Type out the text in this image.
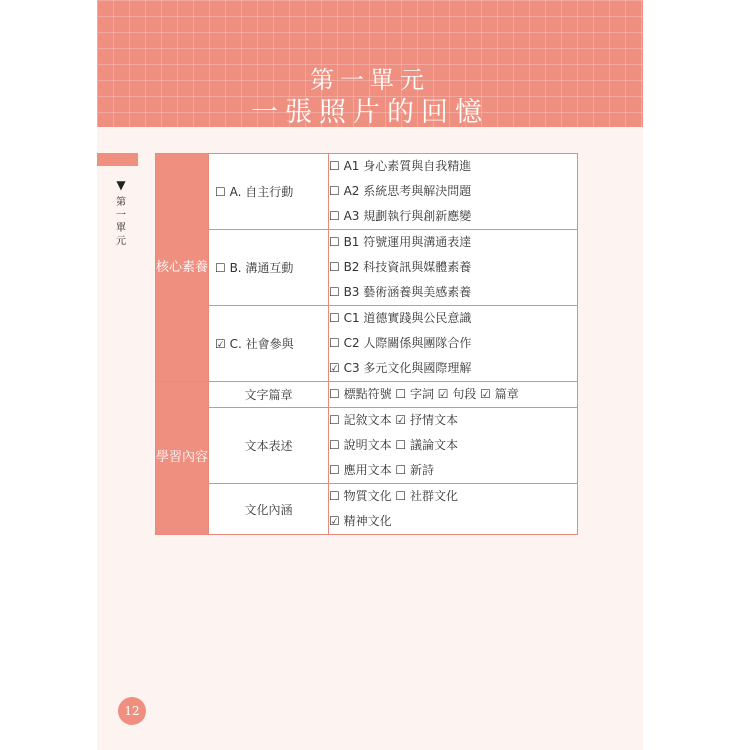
第一單元
一張照片的回憶
▼
第一單元
核心素養	☐ A. 自主行動	☐ A1 身心素質與自我精進
☐ A2 系統思考與解決問題
☐ A3 規劃執行與創新應變

	☐ B. 溝通互動	☐ B1 符號運用與溝通表達
☐ B2 科技資訊與媒體素養
☐ B3 藝術涵養與美感素養

	☑ C. 社會參與	☐ C1 道德實踐與公民意識
☐ C2 人際關係與團隊合作
☑ C3 多元文化與國際理解

學習內容	文字篇章	☐ 標點符號 ☐ 字詞 ☑ 句段 ☑ 篇章

	文本表述	☐ 記敘文本 ☑ 抒情文本
☐ 說明文本 ☐ 議論文本
☐ 應用文本 ☐ 新詩

	文化內涵	☐ 物質文化 ☐ 社群文化
☑ 精神文化
12
